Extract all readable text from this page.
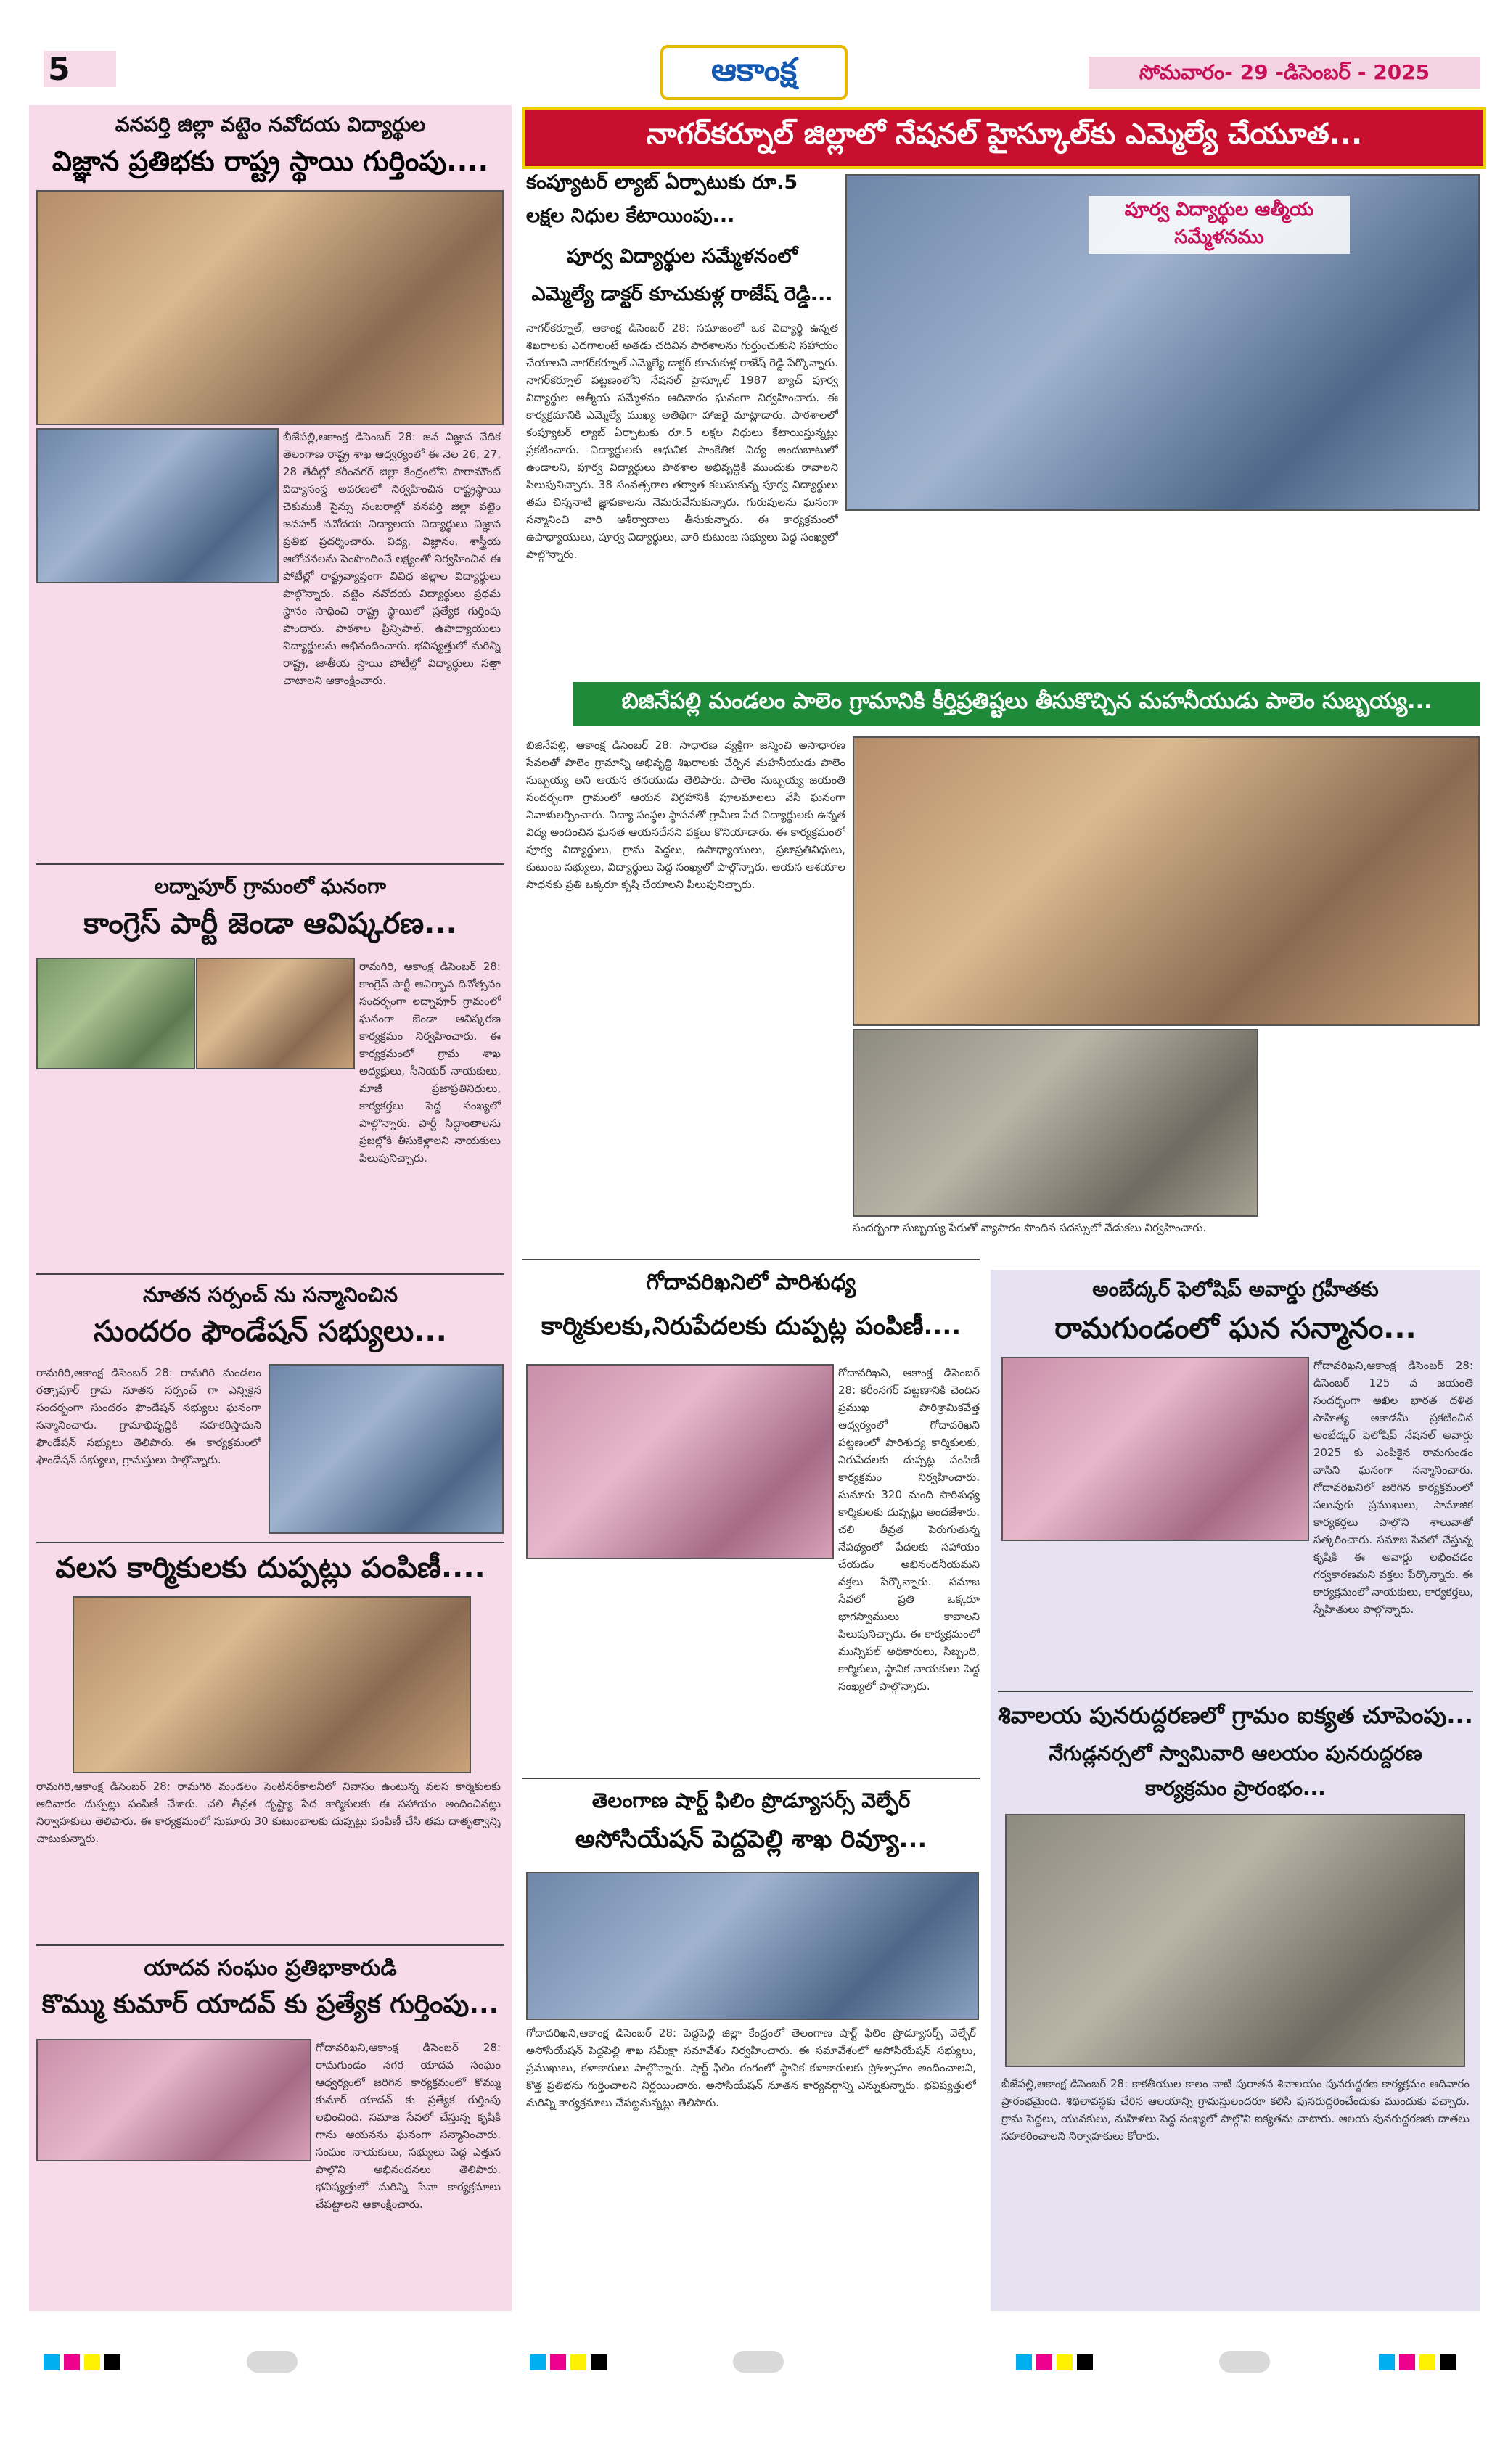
5	ఆకాంక్ష	సోమవారం- 29 -డిసెంబర్ - 2025
వనపర్తి జిల్లా వట్టెం నవోదయ విద్యార్థుల
విజ్ఞాన ప్రతిభకు రాష్ట్ర స్థాయి గుర్తింపు....
బీజేపల్లి,ఆకాంక్ష డిసెంబర్ 28: జన విజ్ఞాన వేదిక తెలంగాణ రాష్ట్ర శాఖ ఆధ్వర్యంలో ఈ నెల 26, 27, 28 తేదీల్లో కరీంనగర్ జిల్లా కేంద్రంలోని పారామౌంట్ విద్యాసంస్థ అవరణలో నిర్వహించిన రాష్ట్రస్థాయి చెకుముకి సైన్సు సంబరాల్లో వనపర్తి జిల్లా వట్టెం జవహర్ నవోదయ విద్యాలయ విద్యార్థులు విజ్ఞాన ప్రతిభ ప్రదర్శించారు. విద్య, విజ్ఞానం, శాస్త్రీయ ఆలోచనలను పెంపొందించే లక్ష్యంతో నిర్వహించిన ఈ పోటీల్లో రాష్ట్రవ్యాప్తంగా వివిధ జిల్లాల విద్యార్థులు పాల్గొన్నారు. వట్టెం నవోదయ విద్యార్థులు ప్రథమ స్థానం సాధించి రాష్ట్ర స్థాయిలో ప్రత్యేక గుర్తింపు పొందారు. పాఠశాల ప్రిన్సిపాల్, ఉపాధ్యాయులు విద్యార్థులను అభినందించారు. భవిష్యత్తులో మరిన్ని రాష్ట్ర, జాతీయ స్థాయి పోటీల్లో విద్యార్థులు సత్తా చాటాలని ఆకాంక్షించారు.
లద్నాపూర్ గ్రామంలో ఘనంగా
కాంగ్రెస్ పార్టీ జెండా ఆవిష్కరణ...
రామగిరి, ఆకాంక్ష డిసెంబర్ 28: కాంగ్రెస్ పార్టీ ఆవిర్భావ దినోత్సవం సందర్భంగా లద్నాపూర్ గ్రామంలో ఘనంగా జెండా ఆవిష్కరణ కార్యక్రమం నిర్వహించారు. ఈ కార్యక్రమంలో గ్రామ శాఖ అధ్యక్షులు, సీనియర్ నాయకులు, మాజీ ప్రజాప్రతినిధులు, కార్యకర్తలు పెద్ద సంఖ్యలో పాల్గొన్నారు. పార్టీ సిద్ధాంతాలను ప్రజల్లోకి తీసుకెళ్లాలని నాయకులు పిలుపునిచ్చారు.
నూతన సర్పంచ్ ను సన్మానించిన
సుందరం ఫౌండేషన్ సభ్యులు...
రామగిరి,ఆకాంక్ష డిసెంబర్ 28: రామగిరి మండలం రత్నాపూర్ గ్రామ నూతన సర్పంచ్ గా ఎన్నికైన సందర్భంగా సుందరం ఫౌండేషన్ సభ్యులు ఘనంగా సన్మానించారు. గ్రామాభివృద్ధికి సహకరిస్తామని ఫౌండేషన్ సభ్యులు తెలిపారు. ఈ కార్యక్రమంలో ఫౌండేషన్ సభ్యులు, గ్రామస్తులు పాల్గొన్నారు.
వలస కార్మికులకు దుప్పట్లు పంపిణీ....
రామగిరి,ఆకాంక్ష డిసెంబర్ 28: రామగిరి మండలం సెంటినరీకాలనీలో నివాసం ఉంటున్న వలస కార్మికులకు ఆదివారం దుప్పట్లు పంపిణీ చేశారు. చలి తీవ్రత దృష్ట్యా పేద కార్మికులకు ఈ సహాయం అందించినట్లు నిర్వాహకులు తెలిపారు. ఈ కార్యక్రమంలో సుమారు 30 కుటుంబాలకు దుప్పట్లు పంపిణీ చేసి తమ దాతృత్వాన్ని చాటుకున్నారు.
యాదవ సంఘం ప్రతిభాకారుడి
కొమ్ము కుమార్ యాదవ్ కు ప్రత్యేక గుర్తింపు...
గోదావరిఖని,ఆకాంక్ష డిసెంబర్ 28: రామగుండం నగర యాదవ సంఘం ఆధ్వర్యంలో జరిగిన కార్యక్రమంలో కొమ్ము కుమార్ యాదవ్ కు ప్రత్యేక గుర్తింపు లభించింది. సమాజ సేవలో చేస్తున్న కృషికి గాను ఆయనను ఘనంగా సన్మానించారు. సంఘం నాయకులు, సభ్యులు పెద్ద ఎత్తున పాల్గొని అభినందనలు తెలిపారు. భవిష్యత్తులో మరిన్ని సేవా కార్యక్రమాలు చేపట్టాలని ఆకాంక్షించారు.
నాగర్‌కర్నూల్ జిల్లాలో నేషనల్ హైస్కూల్‌కు ఎమ్మెల్యే చేయూత...
కంప్యూటర్ ల్యాబ్ ఏర్పాటుకు రూ.5
లక్షల నిధుల కేటాయింపు...
పూర్వ విద్యార్థుల సమ్మేళనంలో
ఎమ్మెల్యే డాక్టర్ కూచుకుళ్ల రాజేష్ రెడ్డి...
నాగర్‌కర్నూల్, ఆకాంక్ష డిసెంబర్ 28: సమాజంలో ఒక విద్యార్థి ఉన్నత శిఖరాలకు ఎదగాలంటే అతడు చదివిన పాఠశాలను గుర్తుంచుకుని సహాయం చేయాలని నాగర్‌కర్నూల్ ఎమ్మెల్యే డాక్టర్ కూచుకుళ్ల రాజేష్ రెడ్డి పేర్కొన్నారు. నాగర్‌కర్నూల్ పట్టణంలోని నేషనల్ హైస్కూల్ 1987 బ్యాచ్ పూర్వ విద్యార్థుల ఆత్మీయ సమ్మేళనం ఆదివారం ఘనంగా నిర్వహించారు. ఈ కార్యక్రమానికి ఎమ్మెల్యే ముఖ్య అతిథిగా హాజరై మాట్లాడారు. పాఠశాలలో కంప్యూటర్ ల్యాబ్ ఏర్పాటుకు రూ.5 లక్షల నిధులు కేటాయిస్తున్నట్లు ప్రకటించారు. విద్యార్థులకు ఆధునిక సాంకేతిక విద్య అందుబాటులో ఉండాలని, పూర్వ విద్యార్థులు పాఠశాల అభివృద్ధికి ముందుకు రావాలని పిలుపునిచ్చారు. 38 సంవత్సరాల తర్వాత కలుసుకున్న పూర్వ విద్యార్థులు తమ చిన్ననాటి జ్ఞాపకాలను నెమరువేసుకున్నారు. గురువులను ఘనంగా సన్మానించి వారి ఆశీర్వాదాలు తీసుకున్నారు. ఈ కార్యక్రమంలో ఉపాధ్యాయులు, పూర్వ విద్యార్థులు, వారి కుటుంబ సభ్యులు పెద్ద సంఖ్యలో పాల్గొన్నారు.
పూర్వ విద్యార్థుల ఆత్మీయ సమ్మేళనము
బిజినేపల్లి మండలం పాలెం గ్రామానికి కీర్తిప్రతిష్టలు తీసుకొచ్చిన మహనీయుడు పాలెం సుబ్బయ్య...
బిజినేపల్లి, ఆకాంక్ష డిసెంబర్ 28: సాధారణ వ్యక్తిగా జన్మించి అసాధారణ సేవలతో పాలెం గ్రామాన్ని అభివృద్ధి శిఖరాలకు చేర్చిన మహనీయుడు పాలెం సుబ్బయ్య అని ఆయన తనయుడు తెలిపారు. పాలెం సుబ్బయ్య జయంతి సందర్భంగా గ్రామంలో ఆయన విగ్రహానికి పూలమాలలు వేసి ఘనంగా నివాళులర్పించారు. విద్యా సంస్థల స్థాపనతో గ్రామీణ పేద విద్యార్థులకు ఉన్నత విద్య అందించిన ఘనత ఆయనదేనని వక్తలు కొనియాడారు. ఈ కార్యక్రమంలో పూర్వ విద్యార్థులు, గ్రామ పెద్దలు, ఉపాధ్యాయులు, ప్రజాప్రతినిధులు, కుటుంబ సభ్యులు, విద్యార్థులు పెద్ద సంఖ్యలో పాల్గొన్నారు. ఆయన ఆశయాల సాధనకు ప్రతి ఒక్కరూ కృషి చేయాలని పిలుపునిచ్చారు.
సందర్భంగా సుబ్బయ్య పేరుతో వ్యాపారం పొందిన సదస్సులో వేడుకలు నిర్వహించారు.
గోదావరిఖనిలో పారిశుధ్య
కార్మికులకు,నిరుపేదలకు దుప్పట్ల పంపిణీ....
గోదావరిఖని, ఆకాంక్ష డిసెంబర్ 28: కరీంనగర్ పట్టణానికి చెందిన ప్రముఖ పారిశ్రామికవేత్త ఆధ్వర్యంలో గోదావరిఖని పట్టణంలో పారిశుధ్య కార్మికులకు, నిరుపేదలకు దుప్పట్ల పంపిణీ కార్యక్రమం నిర్వహించారు. సుమారు 320 మంది పారిశుధ్య కార్మికులకు దుప్పట్లు అందజేశారు. చలి తీవ్రత పెరుగుతున్న నేపథ్యంలో పేదలకు సహాయం చేయడం అభినందనీయమని వక్తలు పేర్కొన్నారు. సమాజ సేవలో ప్రతి ఒక్కరూ భాగస్వాములు కావాలని పిలుపునిచ్చారు. ఈ కార్యక్రమంలో మున్సిపల్ అధికారులు, సిబ్బంది, కార్మికులు, స్థానిక నాయకులు పెద్ద సంఖ్యలో పాల్గొన్నారు.
తెలంగాణ షార్ట్ ఫిలిం ప్రొడ్యూసర్స్ వెల్ఫేర్
అసోసియేషన్ పెద్దపెల్లి శాఖ రివ్యూ...
గోదావరిఖని,ఆకాంక్ష డిసెంబర్ 28: పెద్దపెల్లి జిల్లా కేంద్రంలో తెలంగాణ షార్ట్ ఫిలిం ప్రొడ్యూసర్స్ వెల్ఫేర్ అసోసియేషన్ పెద్దపెల్లి శాఖ సమీక్షా సమావేశం నిర్వహించారు. ఈ సమావేశంలో అసోసియేషన్ సభ్యులు, ప్రముఖులు, కళాకారులు పాల్గొన్నారు. షార్ట్ ఫిలిం రంగంలో స్థానిక కళాకారులకు ప్రోత్సాహం అందించాలని, కొత్త ప్రతిభను గుర్తించాలని నిర్ణయించారు. అసోసియేషన్ నూతన కార్యవర్గాన్ని ఎన్నుకున్నారు. భవిష్యత్తులో మరిన్ని కార్యక్రమాలు చేపట్టనున్నట్లు తెలిపారు.
అంబేద్కర్ ఫెలోషిప్ అవార్డు గ్రహీతకు
రామగుండంలో ఘన సన్మానం...
గోదావరిఖని,ఆకాంక్ష డిసెంబర్ 28: డిసెంబర్ 125 వ జయంతి సందర్భంగా అఖిల భారత దళిత సాహిత్య అకాడమీ ప్రకటించిన అంబేద్కర్ ఫెలోషిప్ నేషనల్ అవార్డు 2025 కు ఎంపికైన రామగుండం వాసిని ఘనంగా సన్మానించారు. గోదావరిఖనిలో జరిగిన కార్యక్రమంలో పలువురు ప్రముఖులు, సామాజిక కార్యకర్తలు పాల్గొని శాలువాతో సత్కరించారు. సమాజ సేవలో చేస్తున్న కృషికి ఈ అవార్డు లభించడం గర్వకారణమని వక్తలు పేర్కొన్నారు. ఈ కార్యక్రమంలో నాయకులు, కార్యకర్తలు, స్నేహితులు పాల్గొన్నారు.
శివాలయ పునరుద్దరణలో గ్రామం ఐక్యత చూపెంపు...
నేగుడ్లనర్సలో స్వామివారి ఆలయం పునరుద్దరణ
కార్యక్రమం ప్రారంభం...
బీజేపల్లి,ఆకాంక్ష డిసెంబర్ 28: కాకతీయుల కాలం నాటి పురాతన శివాలయం పునరుద్దరణ కార్యక్రమం ఆదివారం ప్రారంభమైంది. శిథిలావస్థకు చేరిన ఆలయాన్ని గ్రామస్తులందరూ కలిసి పునరుద్దరించేందుకు ముందుకు వచ్చారు. గ్రామ పెద్దలు, యువకులు, మహిళలు పెద్ద సంఖ్యలో పాల్గొని ఐక్యతను చాటారు. ఆలయ పునరుద్దరణకు దాతలు సహకరించాలని నిర్వాహకులు కోరారు.
